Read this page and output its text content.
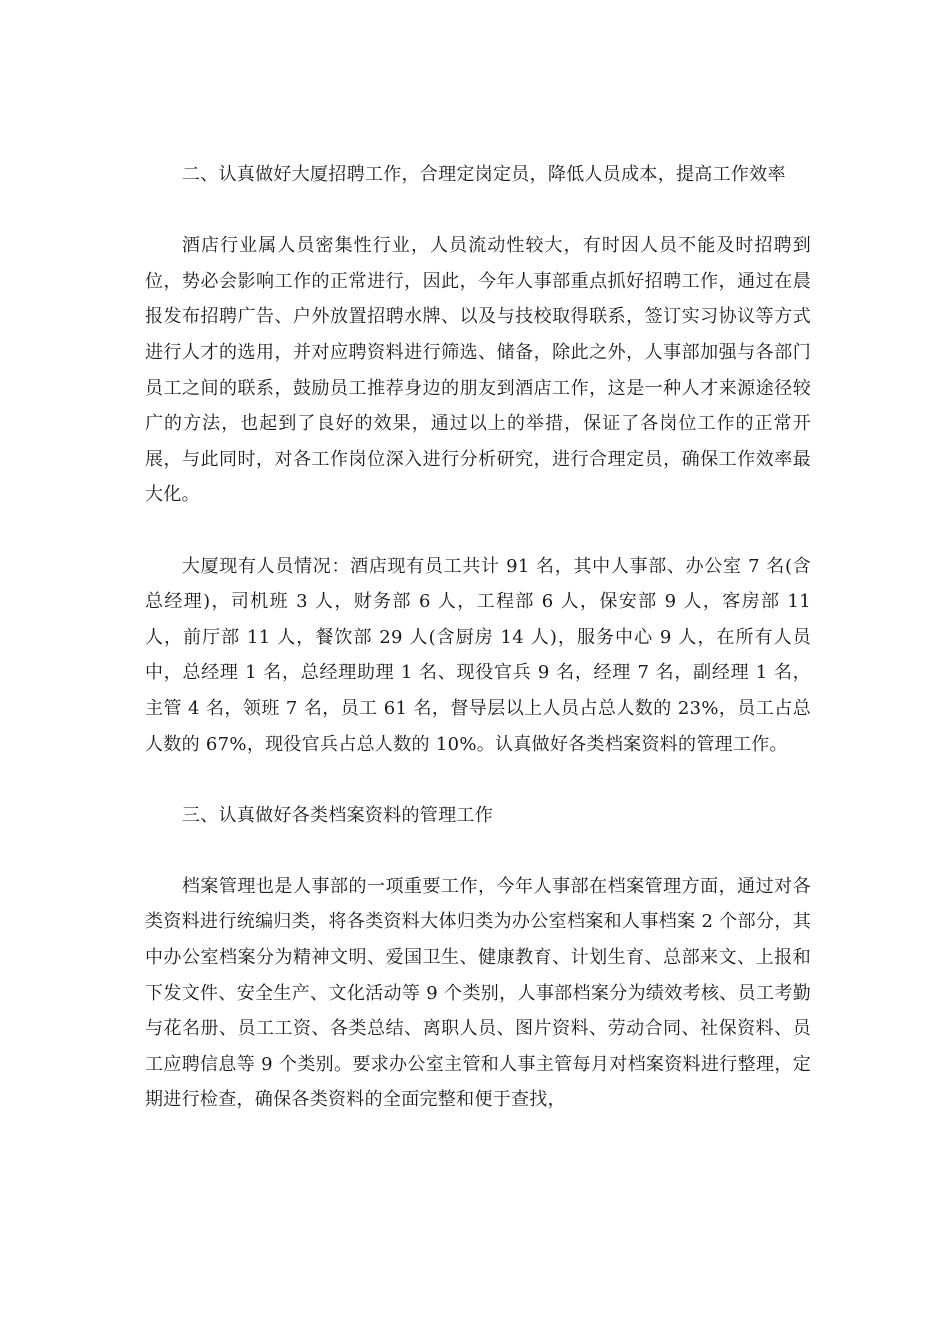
二、认真做好大厦招聘工作，合理定岗定员，降低人员成本，提高工作效率

酒店行业属人员密集性行业，人员流动性较大，有时因人员不能及时招聘到位，势必会影响工作的正常进行，因此，今年人事部重点抓好招聘工作，通过在晨报发布招聘广告、户外放置招聘水牌、以及与技校取得联系，签订实习协议等方式进行人才的选用，并对应聘资料进行筛选、储备，除此之外，人事部加强与各部门员工之间的联系，鼓励员工推荐身边的朋友到酒店工作，这是一种人才来源途径较广的方法，也起到了良好的效果，通过以上的举措，保证了各岗位工作的正常开展，与此同时，对各工作岗位深入进行分析研究，进行合理定员，确保工作效率最大化。

大厦现有人员情况：酒店现有员工共计 91 名，其中人事部、办公室 7 名(含总经理)，司机班 3 人，财务部 6 人，工程部 6 人，保安部 9 人，客房部 11 人，前厅部 11 人，餐饮部 29 人(含厨房 14 人)，服务中心 9 人，在所有人员中，总经理 1 名，总经理助理 1 名、现役官兵 9 名，经理 7 名，副经理 1 名，主管 4 名，领班 7 名，员工 61 名，督导层以上人员占总人数的 23%，员工占总人数的 67%，现役官兵占总人数的 10%。认真做好各类档案资料的管理工作。

三、认真做好各类档案资料的管理工作

档案管理也是人事部的一项重要工作，今年人事部在档案管理方面，通过对各类资料进行统编归类，将各类资料大体归类为办公室档案和人事档案 2 个部分，其中办公室档案分为精神文明、爱国卫生、健康教育、计划生育、总部来文、上报和下发文件、安全生产、文化活动等 9 个类别，人事部档案分为绩效考核、员工考勤与花名册、员工工资、各类总结、离职人员、图片资料、劳动合同、社保资料、员工应聘信息等 9 个类别。要求办公室主管和人事主管每月对档案资料进行整理，定期进行检查，确保各类资料的全面完整和便于查找，
